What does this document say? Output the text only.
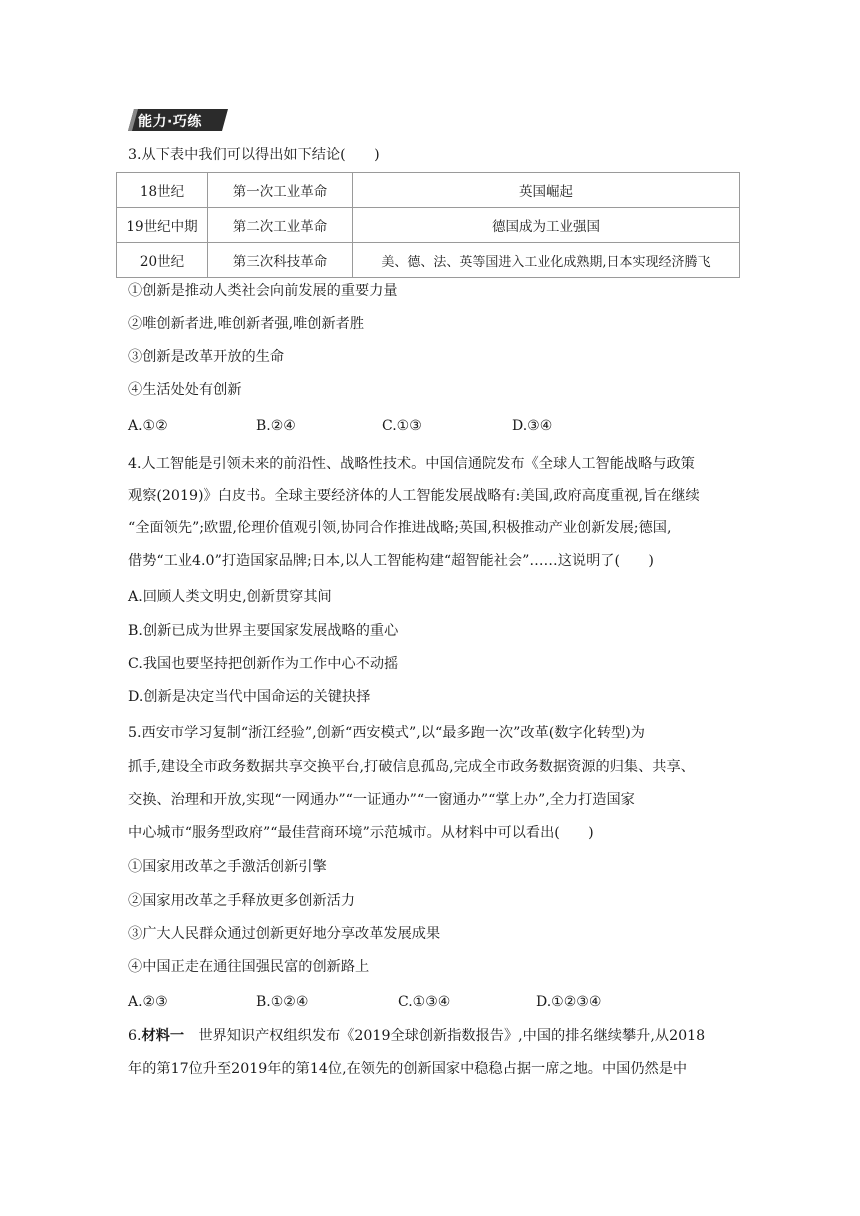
能力·巧练
3.从下表中我们可以得出如下结论(　　)
18世纪	第一次工业革命	英国崛起
19世纪中期	第二次工业革命	德国成为工业强国
20世纪	第三次科技革命	美、德、法、英等国进入工业化成熟期,日本实现经济腾飞
①创新是推动人类社会向前发展的重要力量
②唯创新者进,唯创新者强,唯创新者胜
③创新是改革开放的生命
④生活处处有创新
A.①②	B.②④	C.①③	D.③④
4.人工智能是引领未来的前沿性、战略性技术。中国信通院发布《全球人工智能战略与政策
观察(2019)》白皮书。全球主要经济体的人工智能发展战略有:美国,政府高度重视,旨在继续
“全面领先”;欧盟,伦理价值观引领,协同合作推进战略;英国,积极推动产业创新发展;德国,
借势“工业4.0”打造国家品牌;日本,以人工智能构建“超智能社会”……这说明了(　　)
A.回顾人类文明史,创新贯穿其间
B.创新已成为世界主要国家发展战略的重心
C.我国也要坚持把创新作为工作中心不动摇
D.创新是决定当代中国命运的关键抉择
5.西安市学习复制“浙江经验”,创新“西安模式”,以“最多跑一次”改革(数字化转型)为
抓手,建设全市政务数据共享交换平台,打破信息孤岛,完成全市政务数据资源的归集、共享、
交换、治理和开放,实现“一网通办”“一证通办”“一窗通办”“掌上办”,全力打造国家
中心城市“服务型政府”“最佳营商环境”示范城市。从材料中可以看出(　　)
①国家用改革之手激活创新引擎
②国家用改革之手释放更多创新活力
③广大人民群众通过创新更好地分享改革发展成果
④中国正走在通往国强民富的创新路上
A.②③	B.①②④	C.①③④	D.①②③④
6.材料一　世界知识产权组织发布《2019全球创新指数报告》,中国的排名继续攀升,从2018
年的第17位升至2019年的第14位,在领先的创新国家中稳稳占据一席之地。中国仍然是中
